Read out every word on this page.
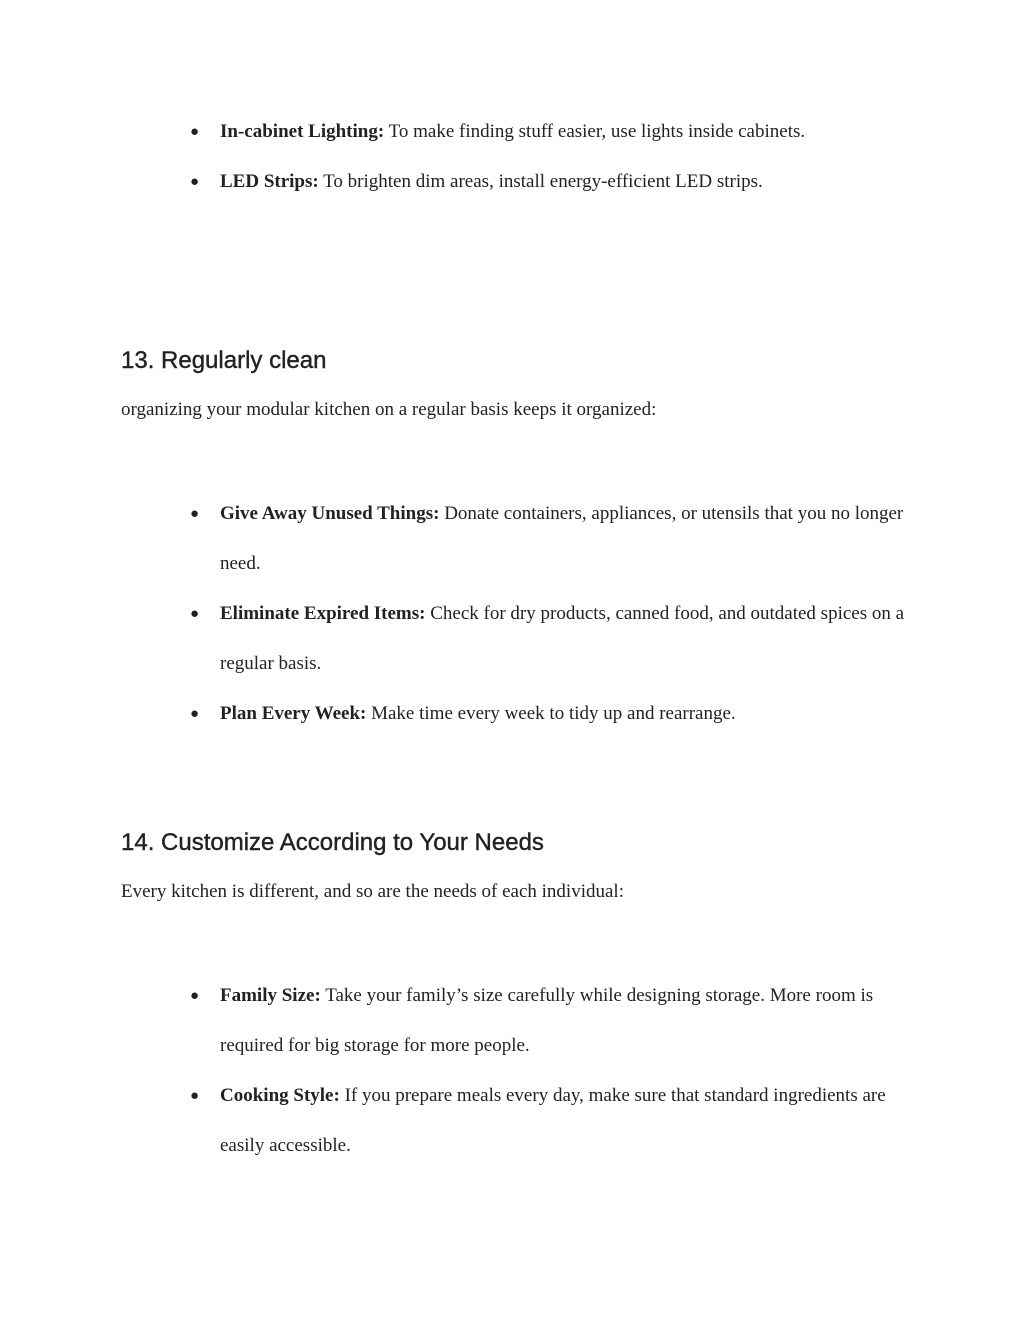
● In-cabinet Lighting: To make finding stuff easier, use lights inside cabinets.
● LED Strips: To brighten dim areas, install energy-efficient LED strips.
13. Regularly clean

organizing your modular kitchen on a regular basis keeps it organized:

● Give Away Unused Things: Donate containers, appliances, or utensils that you no longer need.
● Eliminate Expired Items: Check for dry products, canned food, and outdated spices on a regular basis.
● Plan Every Week: Make time every week to tidy up and rearrange.
14. Customize According to Your Needs

Every kitchen is different, and so are the needs of each individual:

● Family Size: Take your family’s size carefully while designing storage. More room is required for big storage for more people.
● Cooking Style: If you prepare meals every day, make sure that standard ingredients are easily accessible.
